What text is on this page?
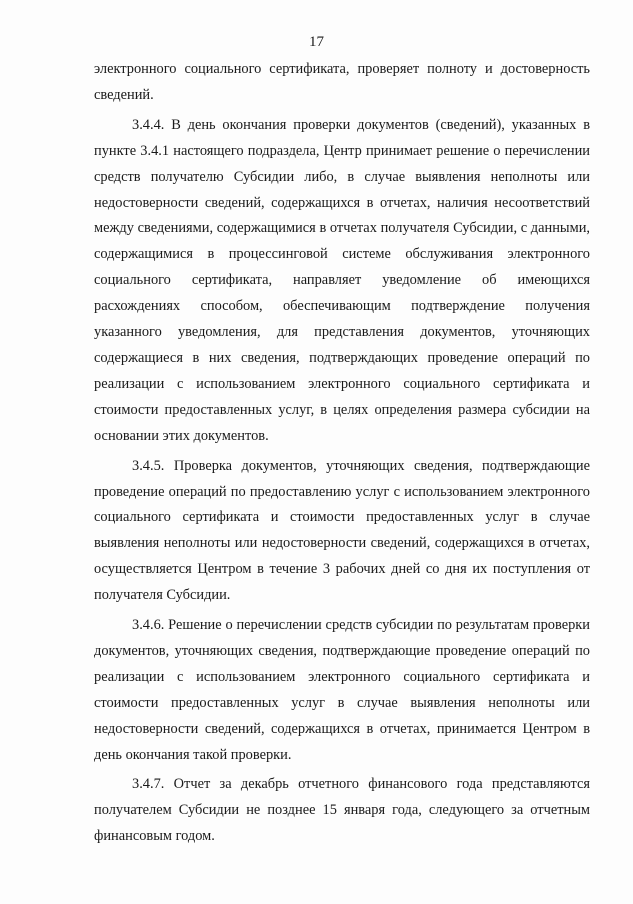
17

электронного социального сертификата, проверяет полноту и достоверность сведений.

3.4.4. В день окончания проверки документов (сведений), указанных в пункте 3.4.1 настоящего подраздела, Центр принимает решение о перечислении средств получателю Субсидии либо, в случае выявления неполноты или недостоверности сведений, содержащихся в отчетах, наличия несоответствий между сведениями, содержащимися в отчетах получателя Субсидии, с данными, содержащимися в процессинговой системе обслуживания электронного социального сертификата, направляет уведомление об имеющихся расхождениях способом, обеспечивающим подтверждение получения указанного уведомления, для представления документов, уточняющих содержащиеся в них сведения, подтверждающих проведение операций по реализации с использованием электронного социального сертификата и стоимости предоставленных услуг, в целях определения размера субсидии на основании этих документов.

3.4.5. Проверка документов, уточняющих сведения, подтверждающие проведение операций по предоставлению услуг с использованием электронного социального сертификата и стоимости предоставленных услуг в случае выявления неполноты или недостоверности сведений, содержащихся в отчетах, осуществляется Центром в течение 3 рабочих дней со дня их поступления от получателя Субсидии.

3.4.6. Решение о перечислении средств субсидии по результатам проверки документов, уточняющих сведения, подтверждающие проведение операций по реализации с использованием электронного социального сертификата и стоимости предоставленных услуг в случае выявления неполноты или недостоверности сведений, содержащихся в отчетах, принимается Центром в день окончания такой проверки.

3.4.7. Отчет за декабрь отчетного финансового года представляются получателем Субсидии не позднее 15 января года, следующего за отчетным финансовым годом.
